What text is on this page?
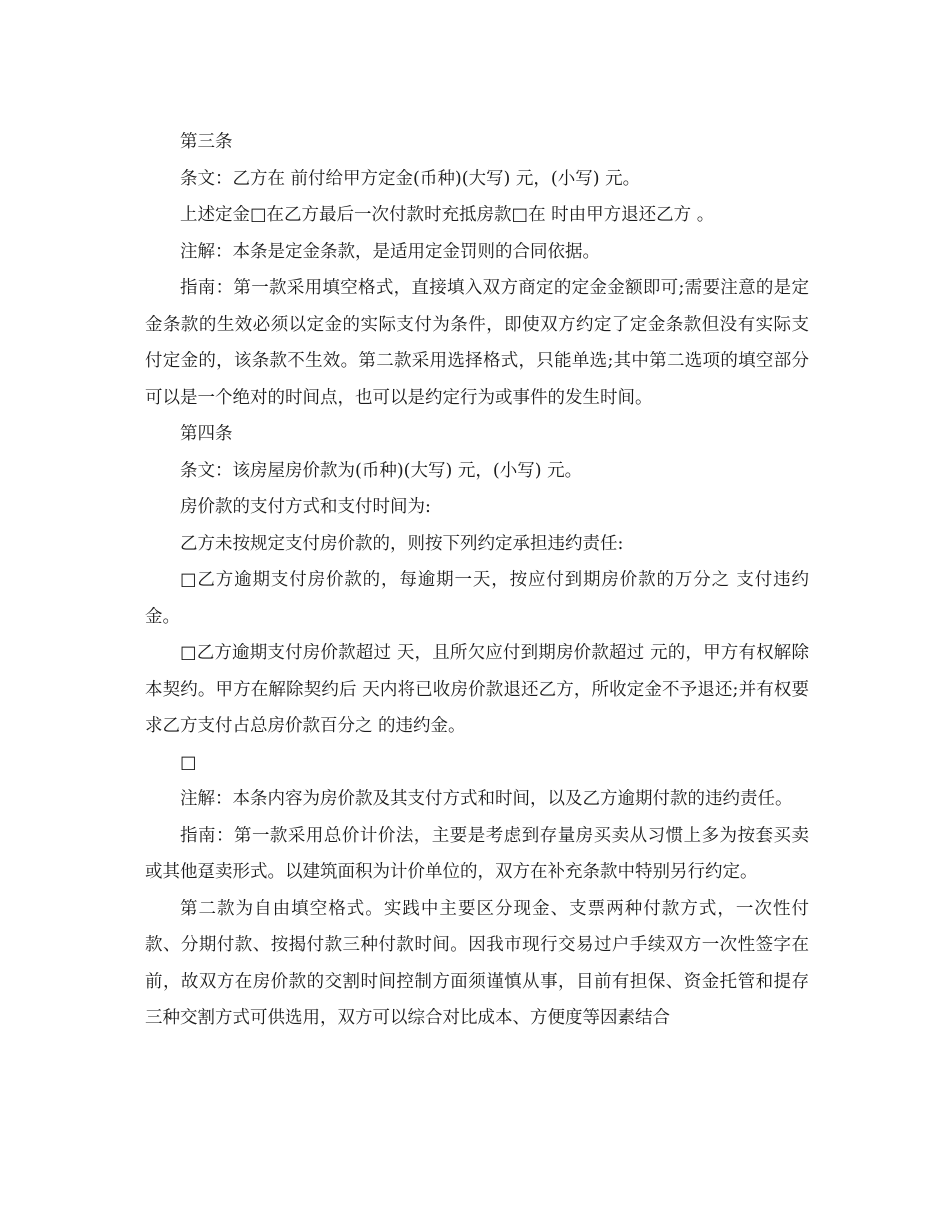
第三条

条文：乙方在 前付给甲方定金(币种)(大写) 元，(小写) 元。

上述定金□在乙方最后一次付款时充抵房款□在 时由甲方退还乙方 。

注解：本条是定金条款，是适用定金罚则的合同依据。

指南：第一款采用填空格式，直接填入双方商定的定金金额即可;需要注意的是定金条款的生效必须以定金的实际支付为条件，即使双方约定了定金条款但没有实际支付定金的，该条款不生效。第二款采用选择格式，只能单选;其中第二选项的填空部分可以是一个绝对的时间点，也可以是约定行为或事件的发生时间。

第四条

条文：该房屋房价款为(币种)(大写) 元，(小写) 元。

房价款的支付方式和支付时间为:

乙方未按规定支付房价款的，则按下列约定承担违约责任:

□乙方逾期支付房价款的，每逾期一天，按应付到期房价款的万分之 支付违约金。

□乙方逾期支付房价款超过 天，且所欠应付到期房价款超过 元的，甲方有权解除本契约。甲方在解除契约后 天内将已收房价款退还乙方，所收定金不予退还;并有权要求乙方支付占总房价款百分之 的违约金。

□

注解：本条内容为房价款及其支付方式和时间，以及乙方逾期付款的违约责任。

指南：第一款采用总价计价法，主要是考虑到存量房买卖从习惯上多为按套买卖或其他趸卖形式。以建筑面积为计价单位的，双方在补充条款中特别另行约定。

第二款为自由填空格式。实践中主要区分现金、支票两种付款方式，一次性付款、分期付款、按揭付款三种付款时间。因我市现行交易过户手续双方一次性签字在前，故双方在房价款的交割时间控制方面须谨慎从事，目前有担保、资金托管和提存三种交割方式可供选用，双方可以综合对比成本、方便度等因素结合
